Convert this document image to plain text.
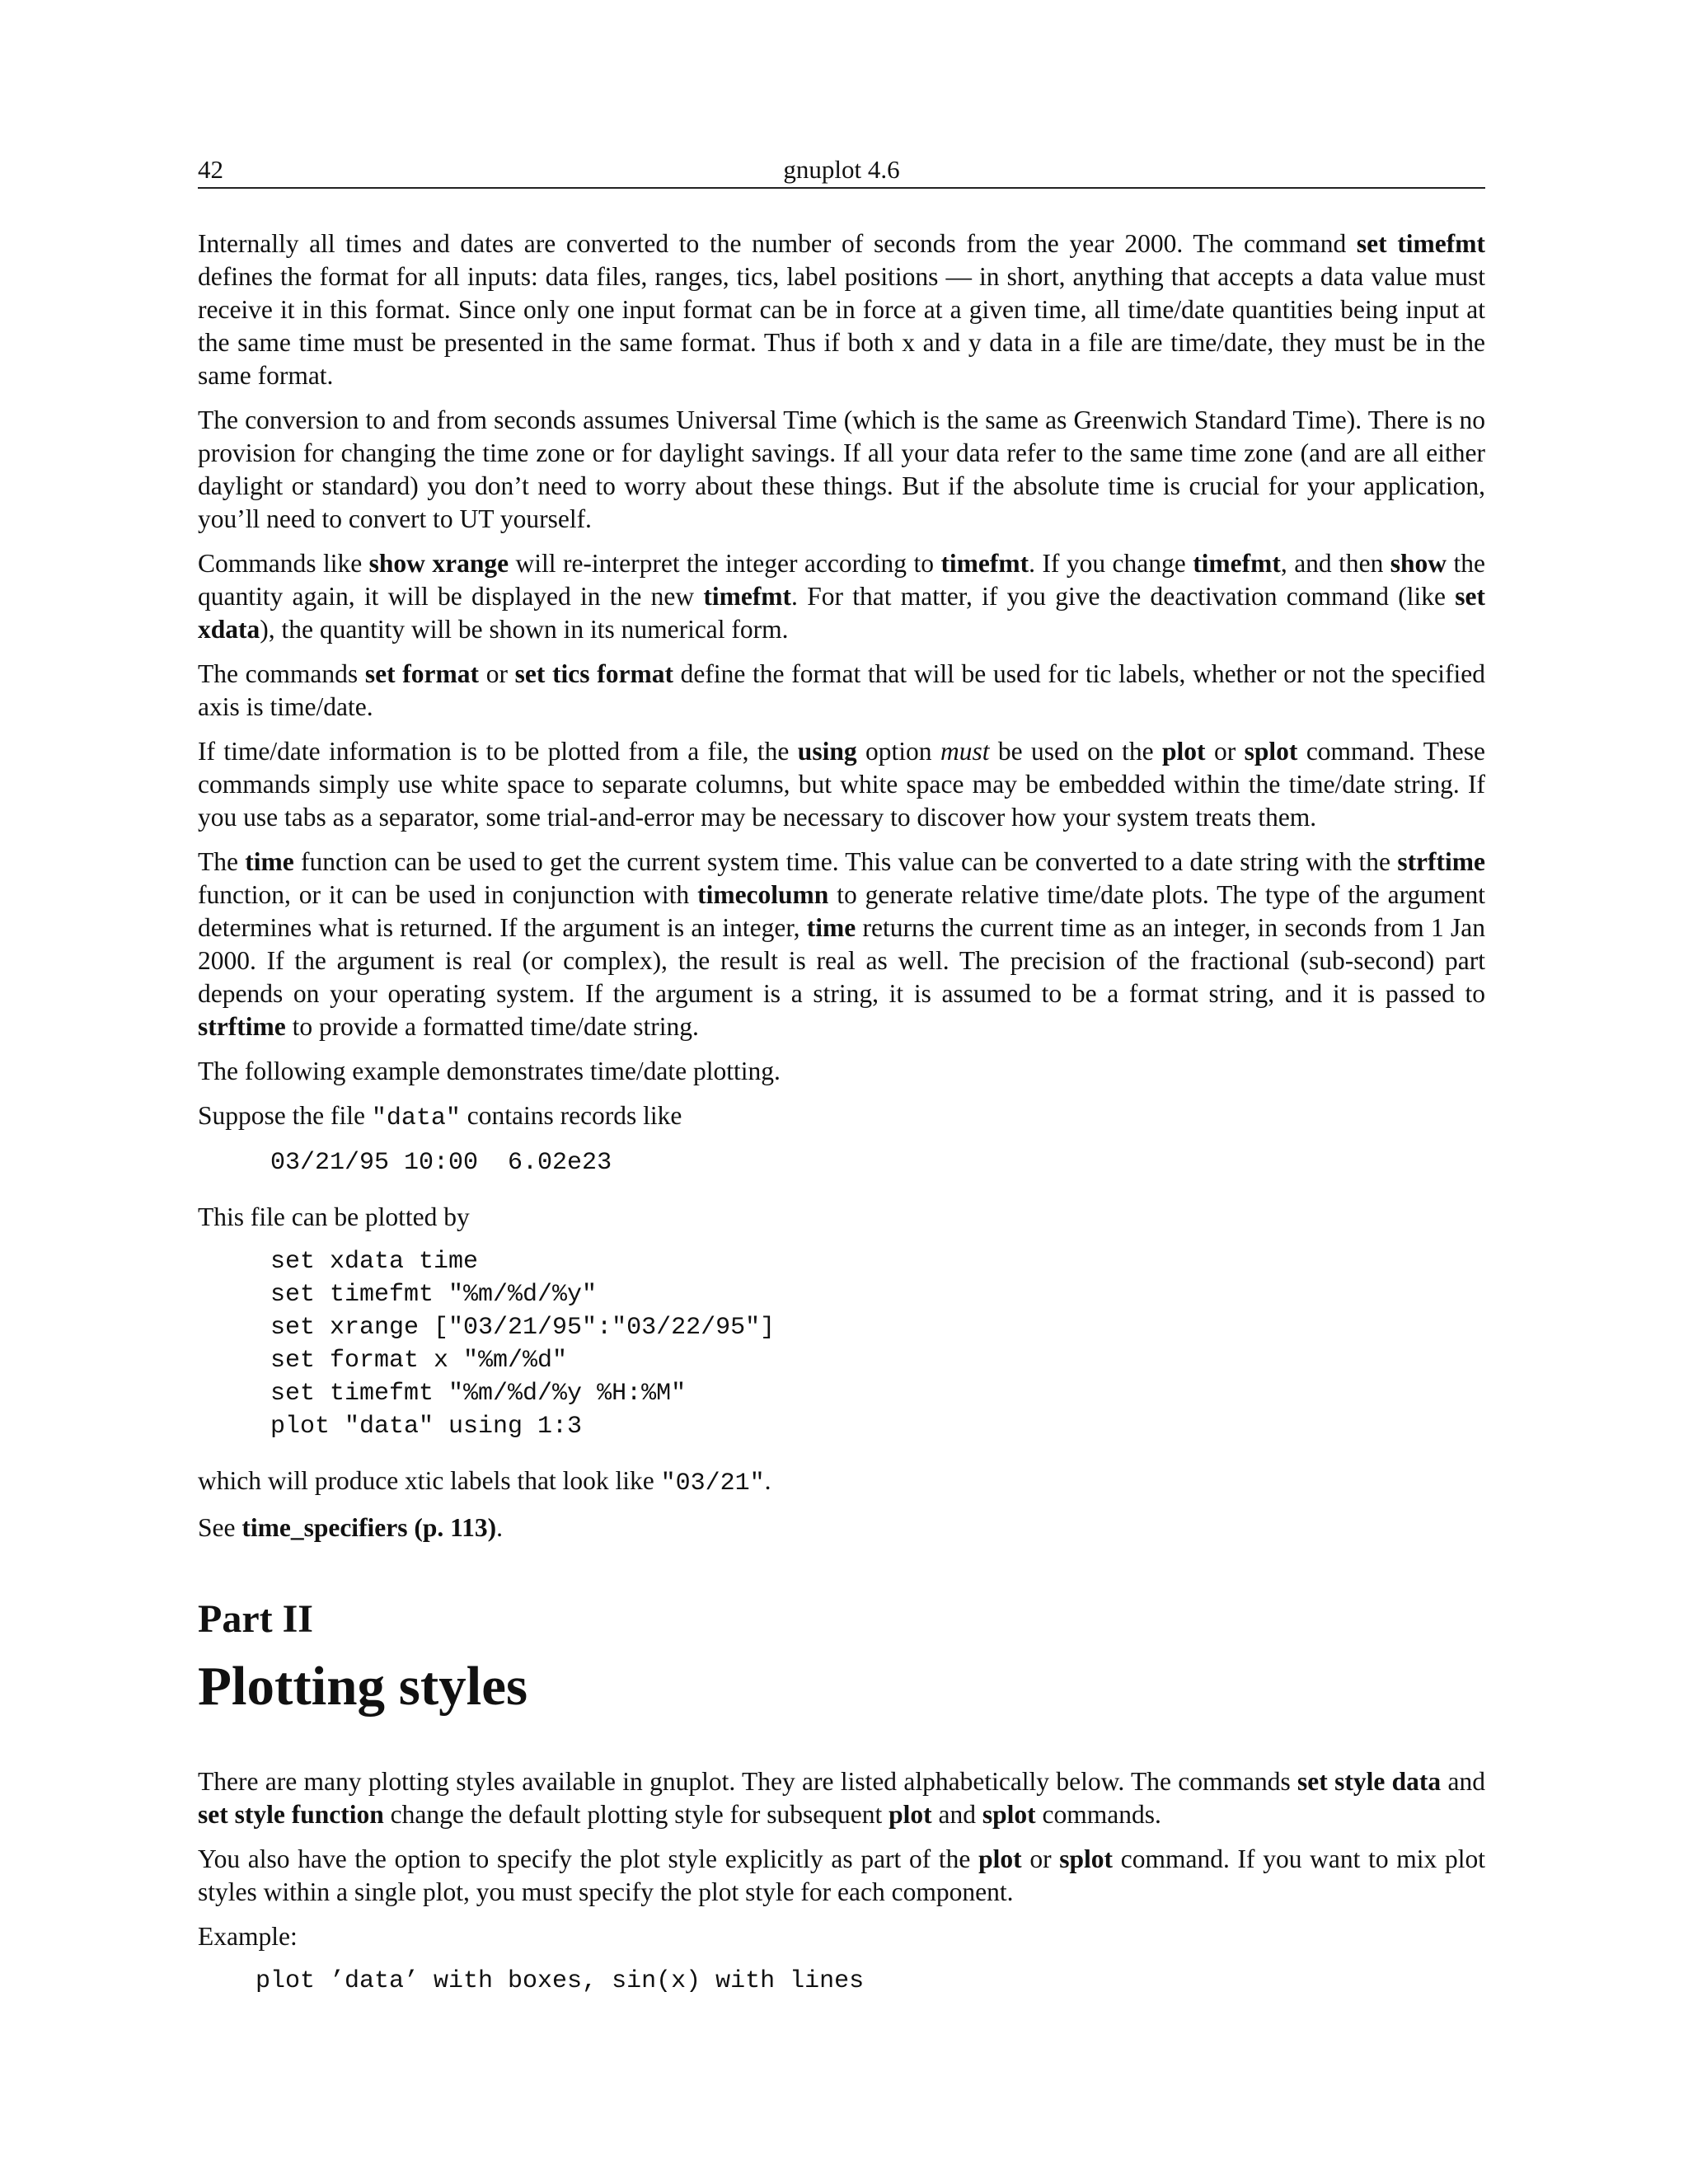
42	gnuplot 4.6

Internally all times and dates are converted to the number of seconds from the year 2000. The command set timefmt defines the format for all inputs: data files, ranges, tics, label positions — in short, anything that accepts a data value must receive it in this format. Since only one input format can be in force at a given time, all time/date quantities being input at the same time must be presented in the same format. Thus if both x and y data in a file are time/date, they must be in the same format.

The conversion to and from seconds assumes Universal Time (which is the same as Greenwich Standard Time). There is no provision for changing the time zone or for daylight savings. If all your data refer to the same time zone (and are all either daylight or standard) you don’t need to worry about these things. But if the absolute time is crucial for your application, you’ll need to convert to UT yourself.

Commands like show xrange will re-interpret the integer according to timefmt. If you change timefmt, and then show the quantity again, it will be displayed in the new timefmt. For that matter, if you give the deactivation command (like set xdata), the quantity will be shown in its numerical form.

The commands set format or set tics format define the format that will be used for tic labels, whether or not the specified axis is time/date.

If time/date information is to be plotted from a file, the using option must be used on the plot or splot command. These commands simply use white space to separate columns, but white space may be embedded within the time/date string. If you use tabs as a separator, some trial-and-error may be necessary to discover how your system treats them.

The time function can be used to get the current system time. This value can be converted to a date string with the strftime function, or it can be used in conjunction with timecolumn to generate relative time/date plots. The type of the argument determines what is returned. If the argument is an integer, time returns the current time as an integer, in seconds from 1 Jan 2000. If the argument is real (or complex), the result is real as well. The precision of the fractional (sub-second) part depends on your operating system. If the argument is a string, it is assumed to be a format string, and it is passed to strftime to provide a formatted time/date string.

The following example demonstrates time/date plotting.

Suppose the file "data" contains records like

03/21/95 10:00  6.02e23

This file can be plotted by

set xdata time
set timefmt "%m/%d/%y"
set xrange ["03/21/95":"03/22/95"]
set format x "%m/%d"
set timefmt "%m/%d/%y %H:%M"
plot "data" using 1:3

which will produce xtic labels that look like "03/21".

See time_specifiers (p. 113).

Part II
Plotting styles

There are many plotting styles available in gnuplot. They are listed alphabetically below. The commands set style data and set style function change the default plotting style for subsequent plot and splot commands.

You also have the option to specify the plot style explicitly as part of the plot or splot command. If you want to mix plot styles within a single plot, you must specify the plot style for each component.

Example:

plot ’data’ with boxes, sin(x) with lines
